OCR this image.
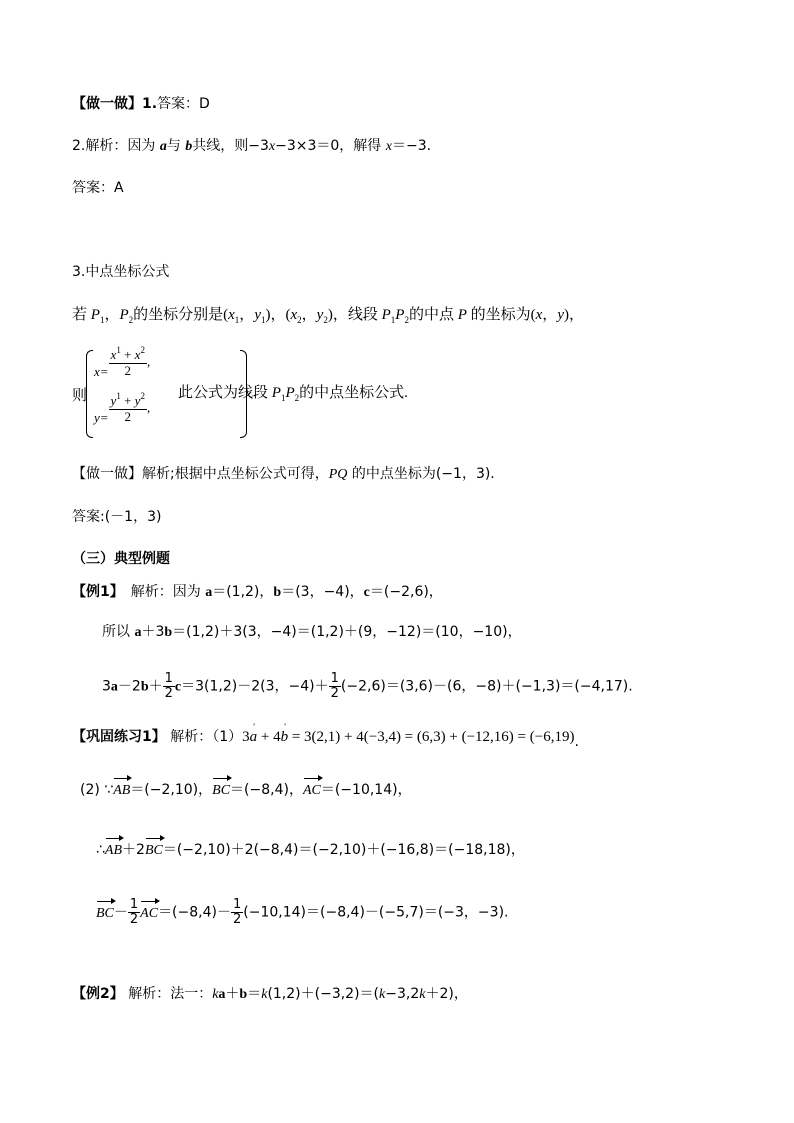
【做一做】1.答案：D
2.解析：因为 a与 b共线，则−3x−3×3＝0，解得 x＝−3.
答案：A
3.中点坐标公式
若 $P_1$，$P_2$的坐标分别是($x_1$，$y_1$)，($x_2$，$y_2$)，线段 $P_1P_2$的中点 P 的坐标为(x，y)，
则
$x= \frac{x^1 + x^2}{2}$ ,
$y= \frac{y^1 + y^2}{2}$ ,
此公式为线段 $P_1P_2$的中点坐标公式.
【做一做】解析;根据中点坐标公式可得，PQ 的中点坐标为(−1，3).
答案:(－1，3)
（三）典型例题
【例1】　解析：因为 a＝(1,2)，b＝(3，−4)，c＝(−2,6)，
所以 a＋3b＝(1,2)＋3(3，−4)＝(1,2)＋(9，−12)＝(10，−10)，
$3a-2b+ \frac{1}{2} c=3(1,2)-2(3$，$-4)+ \frac{1}{2} (-2,6)=(3,6)-(6$，−8)＋(−1,3)＝(−4,17).
【巩固练习1】 解析：（1）3' a + 4' b = 3(2,1) + 4(−3,4) = (6,3) + (−12,16) = (−6,19).
(2) ∵AB＝(−2,10)，BC＝(−8,4)，AC＝(−10,14)，
∴AB＋2BC＝(−2,10)＋2(−8,4)＝(−2,10)＋(−16,8)＝(−18,18)，
$BC- \frac{1}{2} AC=(-8,4)- \frac{1}{2} (-10,14)=(-8,4)-(-5,7)=(-3$，−3).
【例2】 解析：法一：ka＋b＝k(1,2)＋(−3,2)＝(k−3,2k＋2)，
